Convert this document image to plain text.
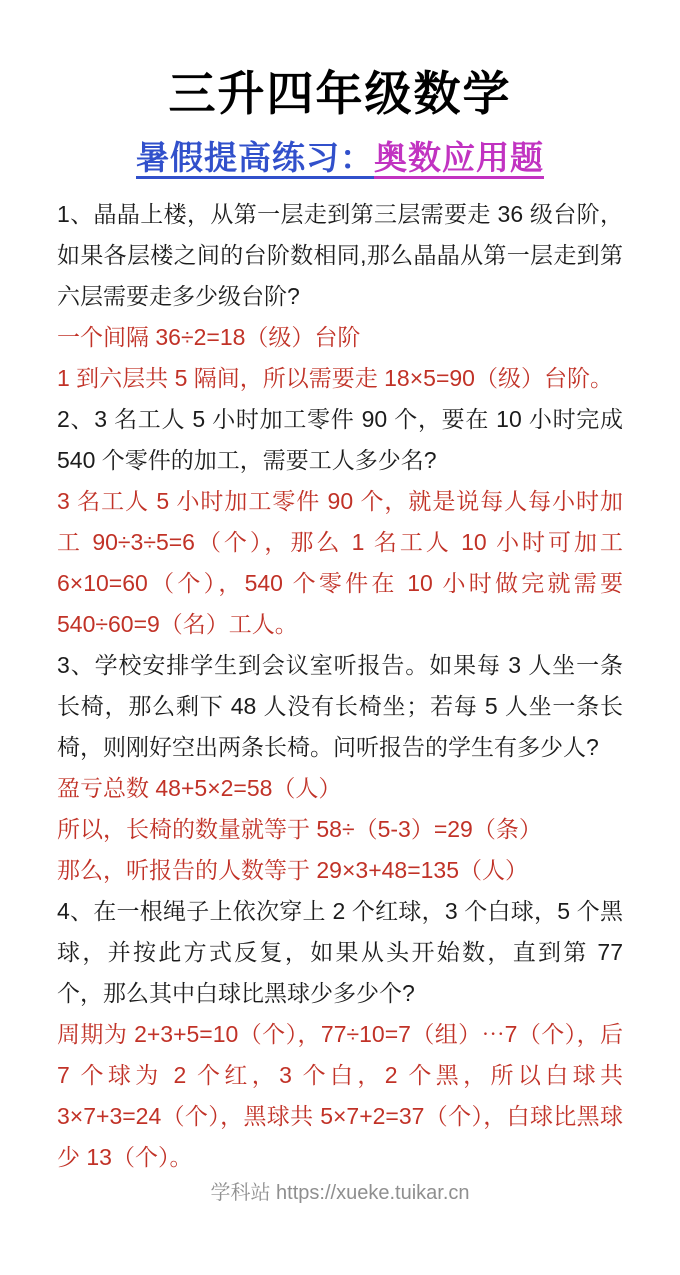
三升四年级数学
暑假提高练习：奥数应用题

1、晶晶上楼，从第一层走到第三层需要走 36 级台阶，如果各层楼之间的台阶数相同,那么晶晶从第一层走到第六层需要走多少级台阶?

一个间隔 36÷2=18（级）台阶

1 到六层共 5 隔间，所以需要走 18×5=90（级）台阶。

2、3 名工人 5 小时加工零件 90 个，要在 10 小时完成 540 个零件的加工，需要工人多少名?

3 名工人 5 小时加工零件 90 个，就是说每人每小时加工 90÷3÷5=6（个），那么 1 名工人 10 小时可加工 6×10=60（个），540 个零件在 10 小时做完就需要 540÷60=9（名）工人。

3、学校安排学生到会议室听报告。如果每 3 人坐一条长椅，那么剩下 48 人没有长椅坐；若每 5 人坐一条长椅，则刚好空出两条长椅。问听报告的学生有多少人?

盈亏总数 48+5×2=58（人）

所以，长椅的数量就等于 58÷（5-3）=29（条）

那么，听报告的人数等于 29×3+48=135（人）

4、在一根绳子上依次穿上 2 个红球，3 个白球，5 个黑球，并按此方式反复，如果从头开始数，直到第 77 个，那么其中白球比黑球少多少个?

周期为 2+3+5=10（个），77÷10=7（组）⋯7（个），后 7 个球为 2 个红，3 个白，2 个黑，所以白球共 3×7+3=24（个），黑球共 5×7+2=37（个），白球比黑球少 13（个）。

学科站 https://xueke.tuikar.cn
